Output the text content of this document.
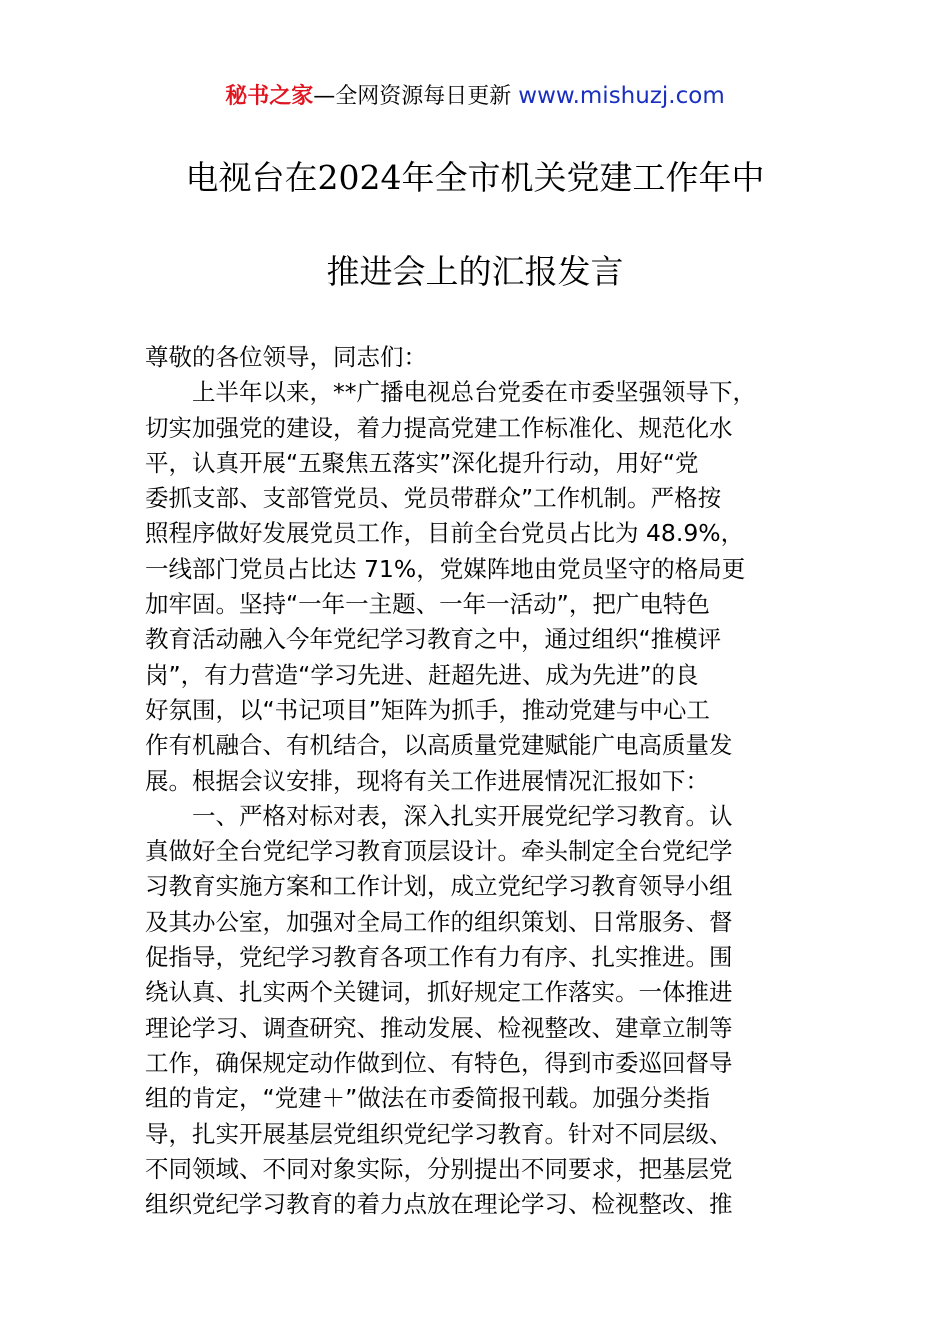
秘书之家—全网资源每日更新 www.mishuzj.com
电视台在2024年全市机关党建工作年中
推进会上的汇报发言
尊敬的各位领导，同志们：
　　上半年以来，**广播电视总台党委在市委坚强领导下，
切实加强党的建设，着力提高党建工作标准化、规范化水
平，认真开展“五聚焦五落实”深化提升行动，用好“党
委抓支部、支部管党员、党员带群众”工作机制。严格按
照程序做好发展党员工作，目前全台党员占比为 48.9%，
一线部门党员占比达 71%，党媒阵地由党员坚守的格局更
加牢固。坚持“一年一主题、一年一活动”，把广电特色
教育活动融入今年党纪学习教育之中，通过组织“推模评
岗”，有力营造“学习先进、赶超先进、成为先进”的良
好氛围，以“书记项目”矩阵为抓手，推动党建与中心工
作有机融合、有机结合，以高质量党建赋能广电高质量发
展。根据会议安排，现将有关工作进展情况汇报如下：
　　一、严格对标对表，深入扎实开展党纪学习教育。认
真做好全台党纪学习教育顶层设计。牵头制定全台党纪学
习教育实施方案和工作计划，成立党纪学习教育领导小组
及其办公室，加强对全局工作的组织策划、日常服务、督
促指导，党纪学习教育各项工作有力有序、扎实推进。围
绕认真、扎实两个关键词，抓好规定工作落实。一体推进
理论学习、调查研究、推动发展、检视整改、建章立制等
工作，确保规定动作做到位、有特色，得到市委巡回督导
组的肯定，“党建＋”做法在市委简报刊载。加强分类指
导，扎实开展基层党组织党纪学习教育。针对不同层级、
不同领域、不同对象实际，分别提出不同要求，把基层党
组织党纪学习教育的着力点放在理论学习、检视整改、推
